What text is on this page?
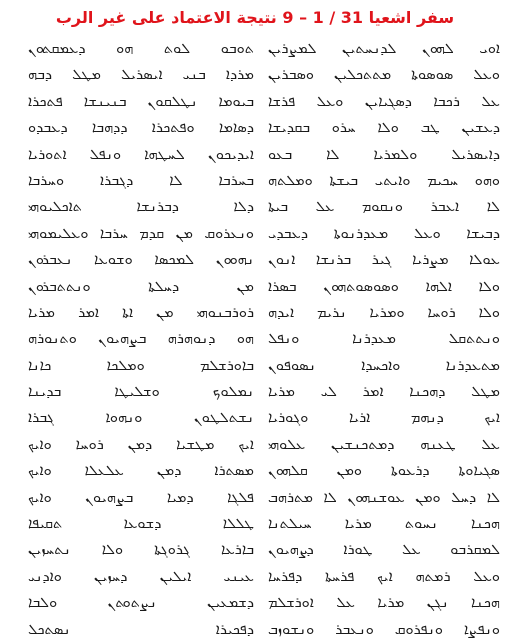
سفر اشعيا 31 / 1 – 9 نتيجة الاعتماد على غير الرب
ܐܘܝ ܠܗܘܢ ܠܕܢܚܬܝܢ ܠܡܨܪܝܢ
ܘܥܠ ܣܘܣܘܬܐ ܡܬܬܟܠܝܢ ܘܣܒܪܝܢ
ܥܠ ܪܟܒܐ ܕܣܓܝܐܝܢ ܘܥܠ ܦܪܫܐ
ܕܥܫܝܢ ܛܒ ܘܠܐ ܚܪܘ ܒܩܕܝܫܐ
ܕܐܝܣܪܝܠ ܘܠܡܪܝܐ ܠܐ ܒܥܘ
ܘܗܘ ܚܟܝܡ ܘܐܝܬܝ ܒܝܫܬܐ ܘܡܠܬܗ
ܠܐ ܐܥܒܪ ܘܢܩܘܡ ܥܠ ܒܝܬܐ
ܕܒܝܫܐ ܘܥܠ ܡܥܕܪܢܘܬܐ ܕܥܒܕܝ
ܥܘܠܐ ܡܨܪܝܐ ܓܝܪ ܒܪܢܫܐ ܐܢܘܢ
ܘܠܐ ܐܠܗܐ ܘܣܘܣܘܬܗܘܢ ܒܣܪܐ
ܘܠܐ ܪܘܚܐ ܘܡܪܝܐ ܢܪܝܡ ܐܝܕܗ
ܘܢܬܬܩܠ ܡܥܕܪܢܐ ܘܢܦܠ
ܡܬܥܕܪܢܐ ܘܐܟܚܕܐ ܢܣܘܦܘܢ
ܡܛܠ ܕܗܟܢܐ ܐܡܪ ܠܝ ܡܪܝܐ
ܐܝܟ ܕܢܗܡ ܐܪܝܐ ܘܓܘܪܝܐ
ܥܠ ܛܥܢܗ ܕܡܬܟܢܫܝܢ ܥܠܘܗܝ
ܣܓܝܐܘܬܐ ܕܪܥܘܬܐ ܘܡܢ ܩܠܗܘܢ
ܠܐ ܕܚܠ ܘܡܢ ܥܘܫܢܗܘܢ ܠܐ ܡܬܪܗܒ
ܗܟܢܐ ܢܚܘܬ ܡܪܝܐ ܚܝܠܬܢܐ
ܠܡܩܪܒܘ ܥܠ ܛܘܪܐ ܕܨܗܝܘܢ
ܘܥܠ ܪܡܬܗ ܐܝܟ ܦܪܚܬܐ ܕܦܪܚܐ
ܗܟܢܐ ܢܓܢ ܡܪܝܐ ܥܠ ܐܘܪܫܠܡ
ܘܢܦܨܐ ܘܢܦܪܘܩ ܘܢܥܒܪ ܘܢܫܘܙܒ
ܬܘܒܘ ܠܘܬ ܗܘ ܕܥܡܩܬܘܢ
ܡܪܕܐ ܒܢܝ ܐܝܣܪܝܠ ܡܛܠ ܕܒܗ
ܒܝܘܡܐ ܢܛܠܩܘܢ ܒܢܝܢܫܐ ܦܬܟܪܐ
ܕܣܐܡܐ ܘܦܬܟܪܐ ܕܕܗܒܐ ܕܥܒܕܘ
ܐܝܕܝܟܘܢ ܠܚܛܗܐ ܘܢܦܠ ܐܬܘܪܝܐ
ܒܚܪܒܐ ܠܐ ܕܓܒܪܐ ܘܚܪܒܐ
ܕܠܐ ܕܒܪܢܫܐ ܬܐܟܠܝܘܗܝ
ܘܢܥܪܘܩ ܡܢ ܩܕܡ ܚܪܒܐ ܘܥܠܝܡܘܗܝ
ܢܗܘܘܢ ܠܡܟܣܐ ܘܫܘܥܐ ܢܥܒܪܘܢ
ܡܢ ܕܚܠܬܐ ܘܢܬܬܒܪܘܢ
ܪܘܪܒܢܘܗܝ ܡܢ ܐܬܐ ܐܡܪ ܡܪܝܐ
ܗܘ ܕܢܘܗܪܗ ܒܨܗܝܘܢ ܘܬܢܘܪܗ
ܒܐܘܪܫܠܡ ܘܡܠܟܐ ܟܐܢܐ
ܢܡܠܘܟ ܘܫܠܝܛܐ ܒܕܝܢܐ
ܢܫܬܠܛܘܢ ܘܢܗܘܐ ܓܒܪܐ
ܐܝܟ ܡܛܫܝܐ ܕܡܢ ܪܘܚܐ ܘܐܝܟ
ܡܣܬܪܐ ܕܡܢ ܥܠܥܠܐ ܘܐܝܟ
ܦܠܓܐ ܕܡܝܐ ܒܨܗܝܘܢ ܘܐܝܟ
ܛܠܠܐ ܕܫܘܥܐ ܬܩܝܦܐ
ܒܐܪܥܐ ܓܪܘܓܬܐ ܘܠܐ ܢܬܚܙܝܢ
ܥܝܢܝ ܐܝܠܝܢ ܕܚܙܝܢ ܘܐܕܢܝ
ܕܫܡܥܝܢ ܢܨܬܘܬܢ ܘܠܒܐ
ܕܦܟܝܪܐ ܢܣܬܟܠ
